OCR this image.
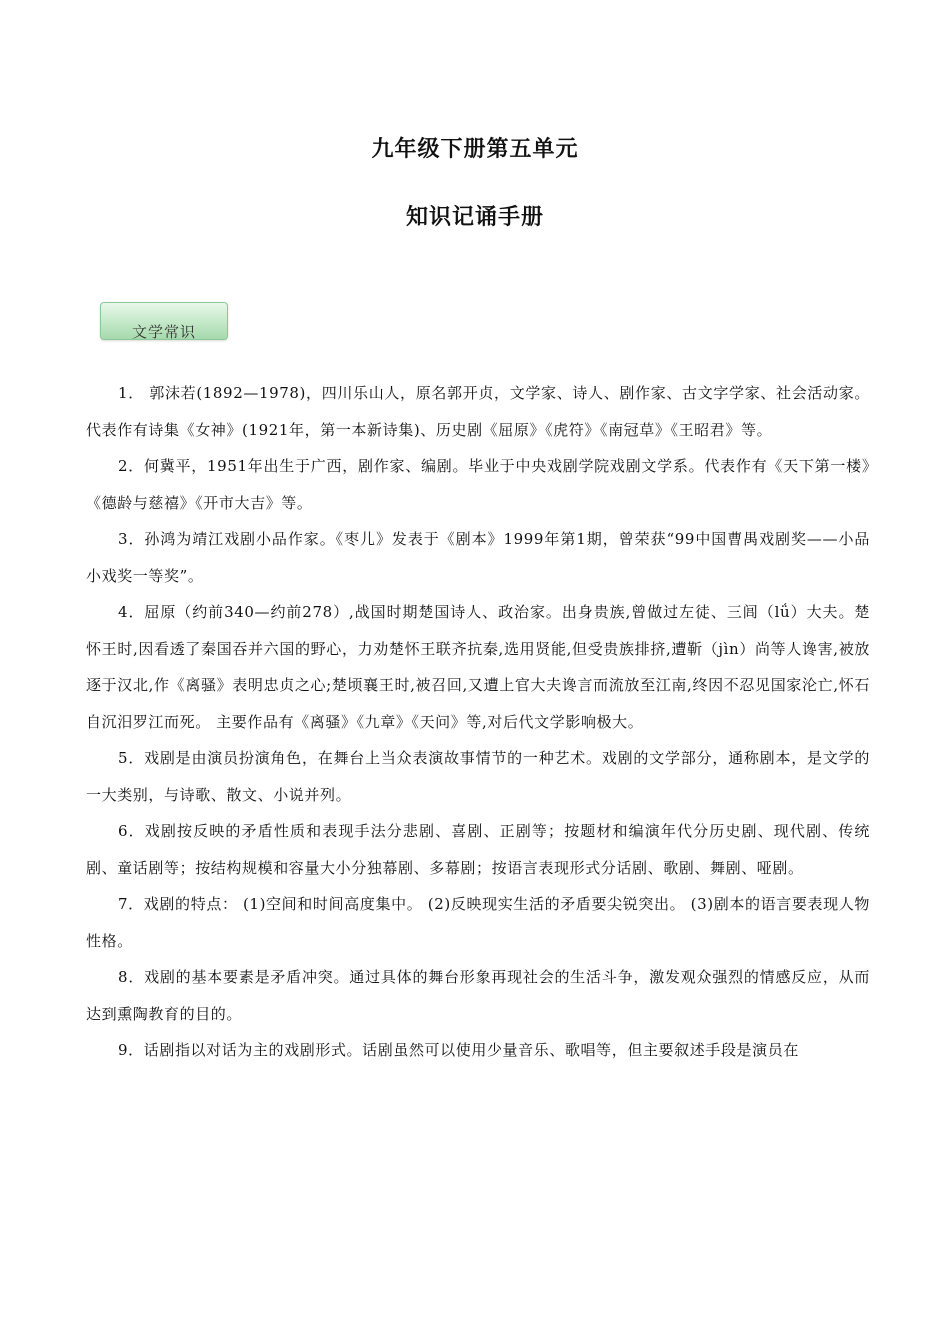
九年级下册第五单元
知识记诵手册
文学常识

1． 郭沫若(1892—1978)，四川乐山人，原名郭开贞，文学家、诗人、剧作家、古文字学家、社会活动家。代表作有诗集《女神》(1921年，第一本新诗集)、历史剧《屈原》《虎符》《南冠草》《王昭君》等。

2．何冀平，1951年出生于广西，剧作家、编剧。毕业于中央戏剧学院戏剧文学系。代表作有《天下第一楼》《德龄与慈禧》《开市大吉》等。

3．孙鸿为靖江戏剧小品作家。《枣儿》发表于《剧本》1999年第1期，曾荣获“99中国曹禺戏剧奖——小品小戏奖一等奖”。

4．屈原（约前340—约前278）,战国时期楚国诗人、政治家。出身贵族,曾做过左徒、三闾（lǘ）大夫。楚怀王时,因看透了秦国吞并六国的野心，力劝楚怀王联齐抗秦,选用贤能,但受贵族排挤,遭靳（jìn）尚等人谗害,被放逐于汉北,作《离骚》表明忠贞之心;楚顷襄王时,被召回,又遭上官大夫谗言而流放至江南,终因不忍见国家沦亡,怀石自沉汨罗江而死。 主要作品有《离骚》《九章》《天问》等,对后代文学影响极大。

5．戏剧是由演员扮演角色，在舞台上当众表演故事情节的一种艺术。戏剧的文学部分，通称剧本，是文学的一大类别，与诗歌、散文、小说并列。

6．戏剧按反映的矛盾性质和表现手法分悲剧、喜剧、正剧等；按题材和编演年代分历史剧、现代剧、传统剧、童话剧等；按结构规模和容量大小分独幕剧、多幕剧；按语言表现形式分话剧、歌剧、舞剧、哑剧。

7．戏剧的特点： (1)空间和时间高度集中。 (2)反映现实生活的矛盾要尖锐突出。 (3)剧本的语言要表现人物性格。

8．戏剧的基本要素是矛盾冲突。通过具体的舞台形象再现社会的生活斗争，激发观众强烈的情感反应，从而达到熏陶教育的目的。

9．话剧指以对话为主的戏剧形式。话剧虽然可以使用少量音乐、歌唱等，但主要叙述手段是演员在
